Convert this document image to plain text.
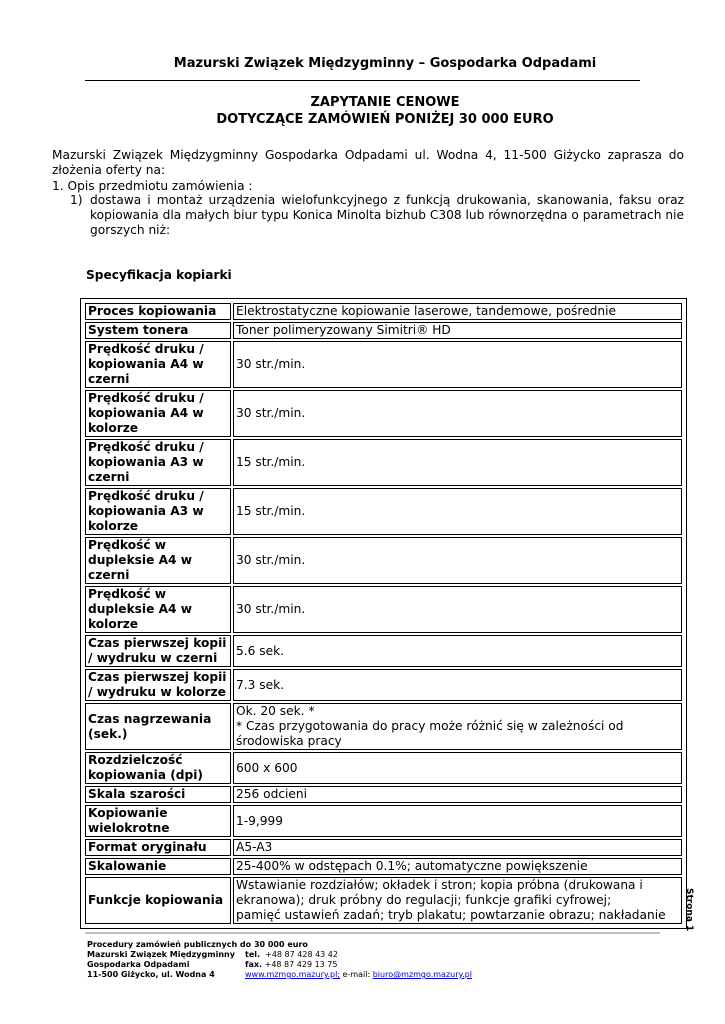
Mazurski Związek Międzygminny – Gospodarka Odpadami
ZAPYTANIE CENOWE
DOTYCZĄCE ZAMÓWIEŃ PONIŻEJ 30 000 EURO
Mazurski Związek Międzygminny Gospodarka Odpadami ul. Wodna 4, 11-500 Giżycko zaprasza do złożenia oferty na:
1. Opis przedmiotu zamówienia :
1) dostawa i montaż urządzenia wielofunkcyjnego z funkcją drukowania, skanowania, faksu oraz kopiowania dla małych biur typu Konica Minolta bizhub C308 lub równorzędna o parametrach nie gorszych niż:
Specyfikacja kopiarki
Proces kopiowania	Elektrostatyczne kopiowanie laserowe, tandemowe, pośrednie
System tonera	Toner polimeryzowany Simitri® HD
Prędkość druku / kopiowania A4 w czerni	30 str./min.
Prędkość druku / kopiowania A4 w kolorze	30 str./min.
Prędkość druku / kopiowania A3 w czerni	15 str./min.
Prędkość druku / kopiowania A3 w kolorze	15 str./min.
Prędkość w dupleksie A4 w czerni	30 str./min.
Prędkość w dupleksie A4 w kolorze	30 str./min.
Czas pierwszej kopii / wydruku w czerni	5.6 sek.
Czas pierwszej kopii / wydruku w kolorze	7.3 sek.
Czas nagrzewania (sek.)	Ok. 20 sek. *
* Czas przygotowania do pracy może różnić się w zależności od środowiska pracy
Rozdzielczość kopiowania (dpi)	600 x 600
Skala szarości	256 odcieni
Kopiowanie wielokrotne	1-9,999
Format oryginału	A5-A3
Skalowanie	25-400% w odstępach 0.1%; automatyczne powiększenie
Funkcje kopiowania	Wstawianie rozdziałów; okładek i stron; kopia próbna (drukowana i ekranowa); druk próbny do regulacji; funkcje grafiki cyfrowej;
pamięć ustawień zadań; tryb plakatu; powtarzanie obrazu; nakładanie Strona 1
Procedury zamówień publicznych do 30 000 euro
Mazurski Związek Międzygminny
Gospodarka Odpadami
11-500 Giżycko, ul. Wodna 4
tel. +48 87 428 43 42
fax. +48 87 429 13 75
www.mzmgo.mazury.pl; e-mail: biuro@mzmgo.mazury.pl
